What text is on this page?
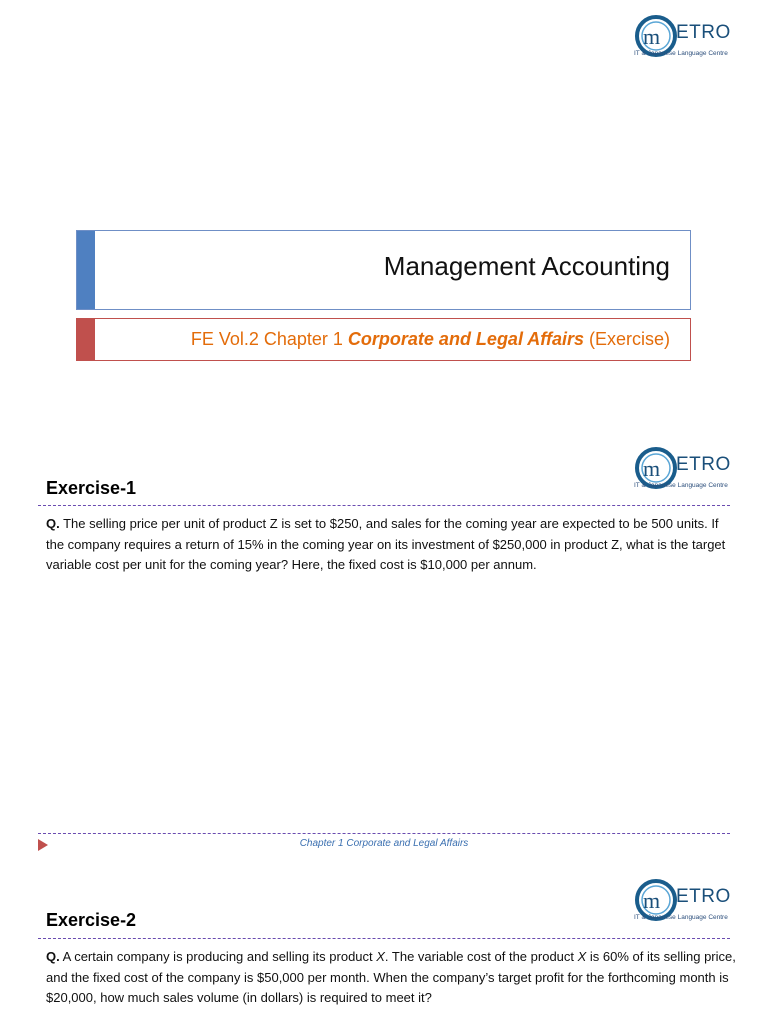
m ETRO
IT & Japanese Language Centre
Management Accounting
FE Vol.2 Chapter 1 Corporate and Legal Affairs (Exercise)
m ETRO
IT & Japanese Language Centre
Exercise-1
Q. The selling price per unit of product Z is set to $250, and sales for the coming year are expected to be 500 units. If the company requires a return of 15% in the coming year on its investment of $250,000 in product Z, what is the target variable cost per unit for the coming year? Here, the fixed cost is $10,000 per annum.
Chapter 1 Corporate and Legal Affairs
m ETRO
IT & Japanese Language Centre
Exercise-2
Q. A certain company is producing and selling its product X. The variable cost of the product X is 60% of its selling price, and the fixed cost of the company is $50,000 per month. When the company’s target profit for the forthcoming month is $20,000, how much sales volume (in dollars) is required to meet it?
